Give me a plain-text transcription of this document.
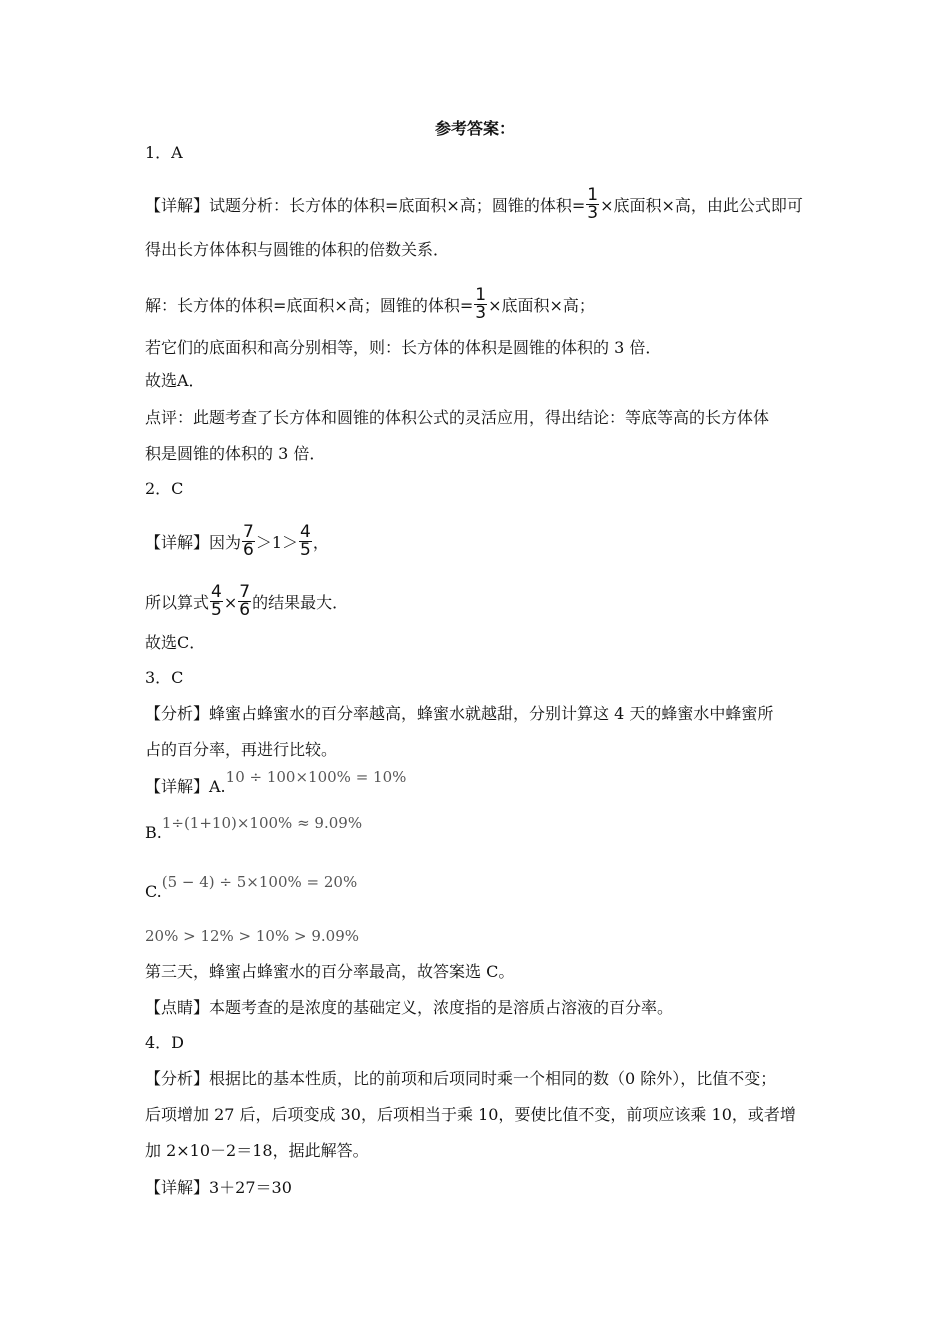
参考答案：
1．A
【详解】试题分析：长方体的体积=底面积×高；圆锥的体积= $\frac{1}{3}$ ×底面积×高，由此公式即可
得出长方体体积与圆锥的体积的倍数关系．
解：长方体的体积=底面积×高；圆锥的体积= $\frac{1}{3}$ ×底面积×高；
若它们的底面积和高分别相等，则：长方体的体积是圆锥的体积的 3 倍．
故选A．
点评：此题考查了长方体和圆锥的体积公式的灵活应用，得出结论：等底等高的长方体体
积是圆锥的体积的 3 倍．
2．C
【详解】因为 $\frac{7}{6} >1> \frac{4}{5}$ ，
所以算式 $\frac{4}{5} \times \frac{7}{6}$ 的结果最大．
故选C．
3．C
【分析】蜂蜜占蜂蜜水的百分率越高，蜂蜜水就越甜，分别计算这 4 天的蜂蜜水中蜂蜜所
占的百分率，再进行比较。
【详解】A.10 ÷ 100×100% = 10%
B.1÷(1+10)×100% ≈ 9.09%
C.(5 − 4) ÷ 5×100% = 20%
20% > 12% > 10% > 9.09%
第三天，蜂蜜占蜂蜜水的百分率最高，故答案选 C。
【点睛】本题考查的是浓度的基础定义，浓度指的是溶质占溶液的百分率。
4．D
【分析】根据比的基本性质，比的前项和后项同时乘一个相同的数（0 除外），比值不变；
后项增加 27 后，后项变成 30，后项相当于乘 10，要使比值不变，前项应该乘 10，或者增
加 2×10－2＝18，据此解答。
【详解】3＋27＝30
